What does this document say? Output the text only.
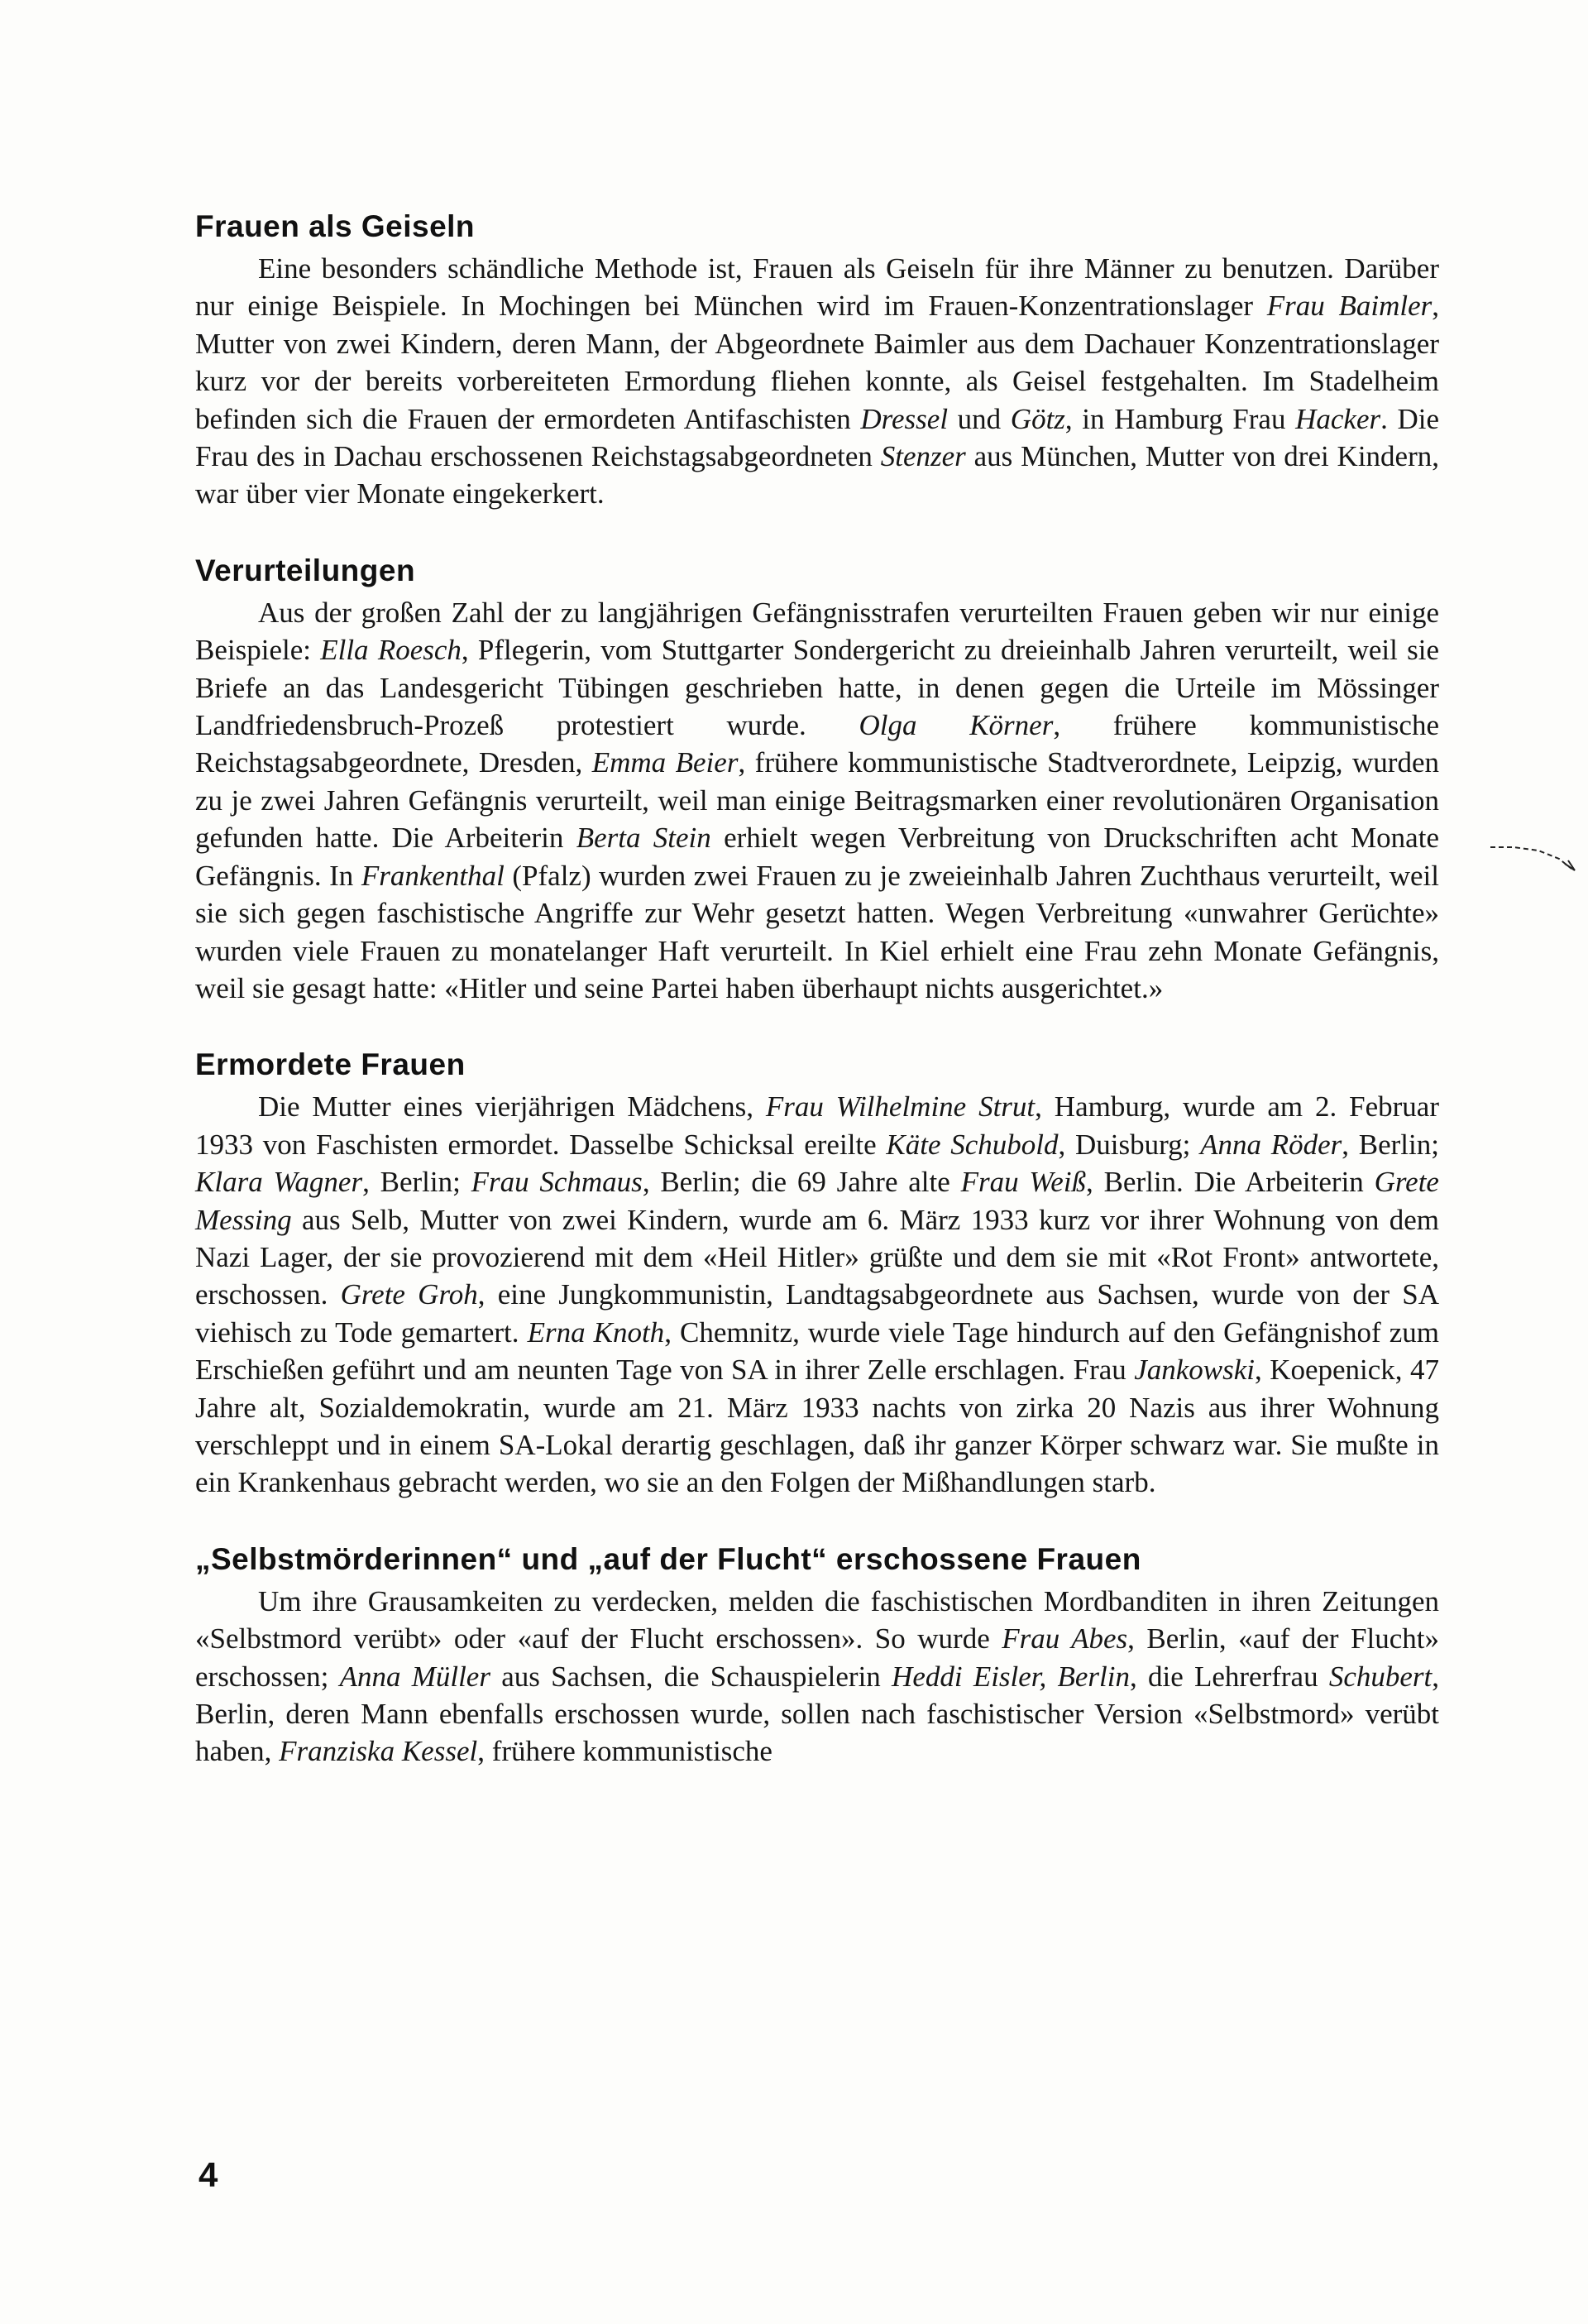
Frauen als Geiseln

Eine besonders schändliche Methode ist, Frauen als Geiseln für ihre Männer zu benutzen. Darüber nur einige Beispiele. In Mochingen bei München wird im Frauen-Konzentrationslager Frau Baimler, Mutter von zwei Kindern, deren Mann, der Abgeordnete Baimler aus dem Dachauer Konzentrationslager kurz vor der bereits vorbereiteten Ermordung fliehen konnte, als Geisel festgehalten. Im Stadelheim befinden sich die Frauen der ermordeten Antifaschisten Dressel und Götz, in Hamburg Frau Hacker. Die Frau des in Dachau erschossenen Reichstagsabgeordneten Stenzer aus München, Mutter von drei Kindern, war über vier Monate eingekerkert.

Verurteilungen

Aus der großen Zahl der zu langjährigen Gefängnisstrafen verurteilten Frauen geben wir nur einige Beispiele: Ella Roesch, Pflegerin, vom Stuttgarter Sondergericht zu dreieinhalb Jahren verurteilt, weil sie Briefe an das Landesgericht Tübingen geschrieben hatte, in denen gegen die Urteile im Mössinger Landfriedensbruch-Prozeß protestiert wurde. Olga Körner, frühere kommunistische Reichstagsabgeordnete, Dresden, Emma Beier, frühere kommunistische Stadtverordnete, Leipzig, wurden zu je zwei Jahren Gefängnis verurteilt, weil man einige Beitragsmarken einer revolutionären Organisation gefunden hatte. Die Arbeiterin Berta Stein erhielt wegen Verbreitung von Druckschriften acht Monate Gefängnis. In Frankenthal (Pfalz) wurden zwei Frauen zu je zweieinhalb Jahren Zuchthaus verurteilt, weil sie sich gegen faschistische Angriffe zur Wehr gesetzt hatten. Wegen Verbreitung «unwahrer Gerüchte» wurden viele Frauen zu monatelanger Haft verurteilt. In Kiel erhielt eine Frau zehn Monate Gefängnis, weil sie gesagt hatte: «Hitler und seine Partei haben überhaupt nichts ausgerichtet.»

Ermordete Frauen

Die Mutter eines vierjährigen Mädchens, Frau Wilhelmine Strut, Hamburg, wurde am 2. Februar 1933 von Faschisten ermordet. Dasselbe Schicksal ereilte Käte Schubold, Duisburg; Anna Röder, Berlin; Klara Wagner, Berlin; Frau Schmaus, Berlin; die 69 Jahre alte Frau Weiß, Berlin. Die Arbeiterin Grete Messing aus Selb, Mutter von zwei Kindern, wurde am 6. März 1933 kurz vor ihrer Wohnung von dem Nazi Lager, der sie provozierend mit dem «Heil Hitler» grüßte und dem sie mit «Rot Front» antwortete, erschossen. Grete Groh, eine Jungkommunistin, Landtagsabgeordnete aus Sachsen, wurde von der SA viehisch zu Tode gemartert. Erna Knoth, Chemnitz, wurde viele Tage hindurch auf den Gefängnishof zum Erschießen geführt und am neunten Tage von SA in ihrer Zelle erschlagen. Frau Jankowski, Koepenick, 47 Jahre alt, Sozialdemokratin, wurde am 21. März 1933 nachts von zirka 20 Nazis aus ihrer Wohnung verschleppt und in einem SA-Lokal derartig geschlagen, daß ihr ganzer Körper schwarz war. Sie mußte in ein Krankenhaus gebracht werden, wo sie an den Folgen der Mißhandlungen starb.

„Selbstmörderinnen“ und „auf der Flucht“ erschossene Frauen

Um ihre Grausamkeiten zu verdecken, melden die faschistischen Mordbanditen in ihren Zeitungen «Selbstmord verübt» oder «auf der Flucht erschossen». So wurde Frau Abes, Berlin, «auf der Flucht» erschossen; Anna Müller aus Sachsen, die Schauspielerin Heddi Eisler, Berlin, die Lehrerfrau Schubert, Berlin, deren Mann ebenfalls erschossen wurde, sollen nach faschistischer Version «Selbstmord» verübt haben, Franziska Kessel, frühere kommunistische

4
